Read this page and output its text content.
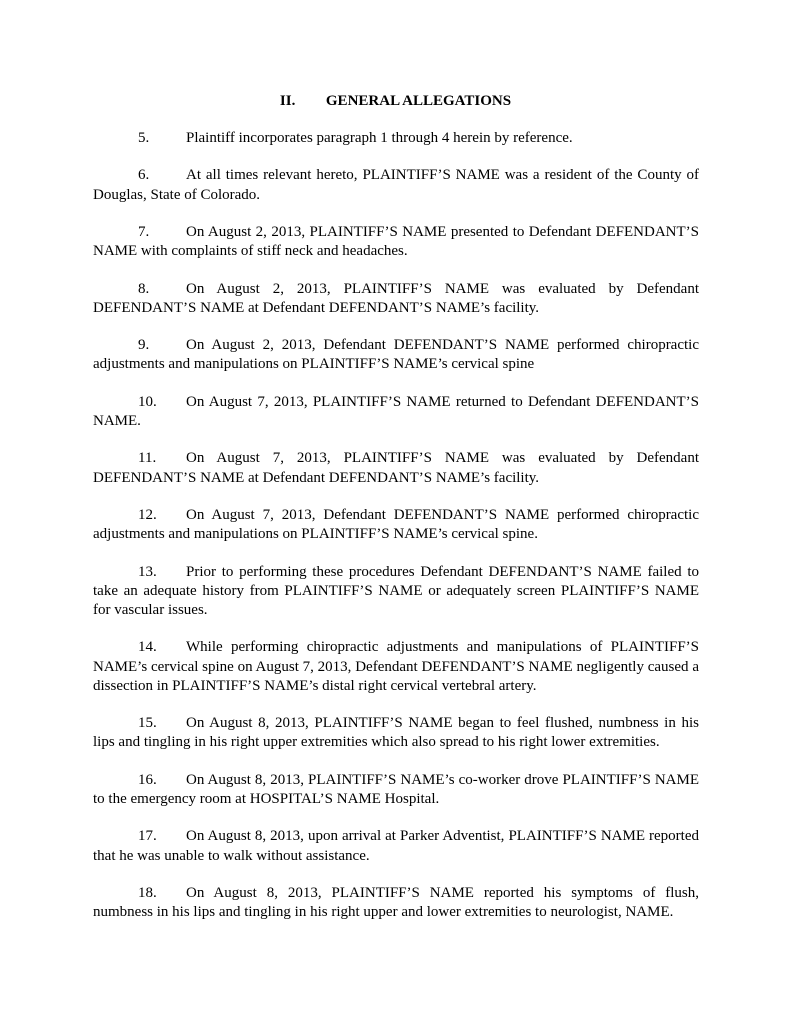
II. GENERAL ALLEGATIONS

5. Plaintiff incorporates paragraph 1 through 4 herein by reference.

6. At all times relevant hereto, PLAINTIFF’S NAME was a resident of the County of Douglas, State of Colorado.

7. On August 2, 2013, PLAINTIFF’S NAME presented to Defendant DEFENDANT’S NAME with complaints of stiff neck and headaches.

8. On August 2, 2013, PLAINTIFF’S NAME was evaluated by Defendant DEFENDANT’S NAME at Defendant DEFENDANT’S NAME’s facility.

9. On August 2, 2013, Defendant DEFENDANT’S NAME performed chiropractic adjustments and manipulations on PLAINTIFF’S NAME’s cervical spine

10. On August 7, 2013, PLAINTIFF’S NAME returned to Defendant DEFENDANT’S NAME.

11. On August 7, 2013, PLAINTIFF’S NAME was evaluated by Defendant DEFENDANT’S NAME at Defendant DEFENDANT’S NAME’s facility.

12. On August 7, 2013, Defendant DEFENDANT’S NAME performed chiropractic adjustments and manipulations on PLAINTIFF’S NAME’s cervical spine.

13. Prior to performing these procedures Defendant DEFENDANT’S NAME failed to take an adequate history from PLAINTIFF’S NAME or adequately screen PLAINTIFF’S NAME for vascular issues.

14. While performing chiropractic adjustments and manipulations of PLAINTIFF’S NAME’s cervical spine on August 7, 2013, Defendant DEFENDANT’S NAME negligently caused a dissection in PLAINTIFF’S NAME’s distal right cervical vertebral artery.

15. On August 8, 2013, PLAINTIFF’S NAME began to feel flushed, numbness in his lips and tingling in his right upper extremities which also spread to his right lower extremities.

16. On August 8, 2013, PLAINTIFF’S NAME’s co-worker drove PLAINTIFF’S NAME to the emergency room at HOSPITAL’S NAME Hospital.

17. On August 8, 2013, upon arrival at Parker Adventist, PLAINTIFF’S NAME reported that he was unable to walk without assistance.

18. On August 8, 2013, PLAINTIFF’S NAME reported his symptoms of flush, numbness in his lips and tingling in his right upper and lower extremities to neurologist, NAME.
